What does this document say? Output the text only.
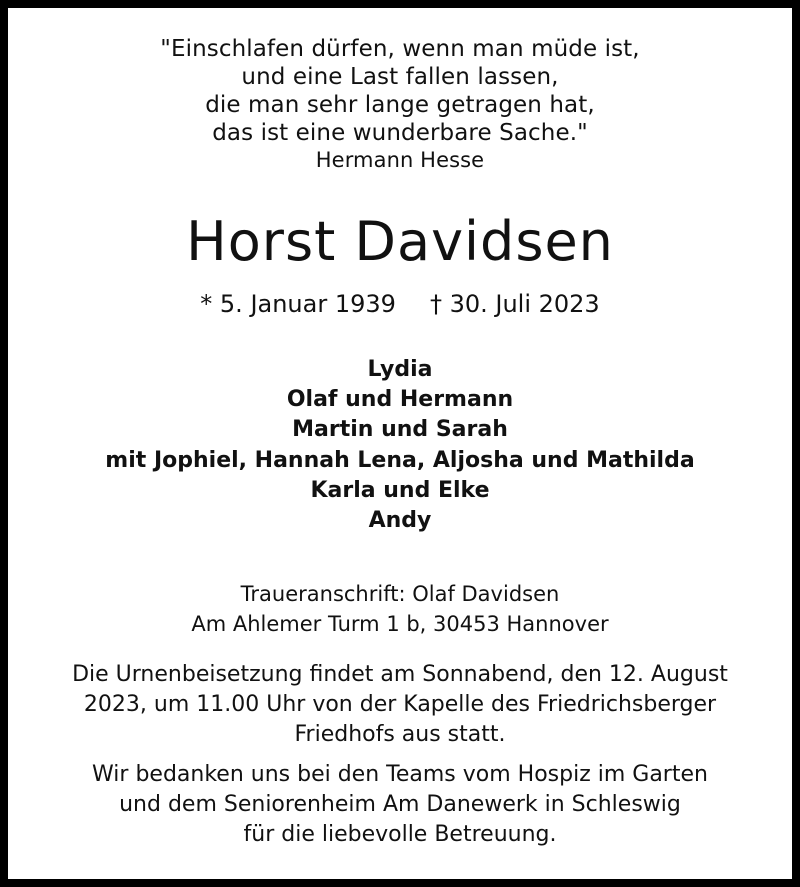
"Einschlafen dürfen, wenn man müde ist,
und eine Last fallen lassen,
die man sehr lange getragen hat,
das ist eine wunderbare Sache."
Hermann Hesse
Horst Davidsen
* 5. Januar 1939 † 30. Juli 2023
Lydia
Olaf und Hermann
Martin und Sarah
mit Jophiel, Hannah Lena, Aljosha und Mathilda
Karla und Elke
Andy
Traueranschrift: Olaf Davidsen
Am Ahlemer Turm 1 b, 30453 Hannover
Die Urnenbeisetzung findet am Sonnabend, den 12. August
2023, um 11.00 Uhr von der Kapelle des Friedrichsberger
Friedhofs aus statt.
Wir bedanken uns bei den Teams vom Hospiz im Garten
und dem Seniorenheim Am Danewerk in Schleswig
für die liebevolle Betreuung.
